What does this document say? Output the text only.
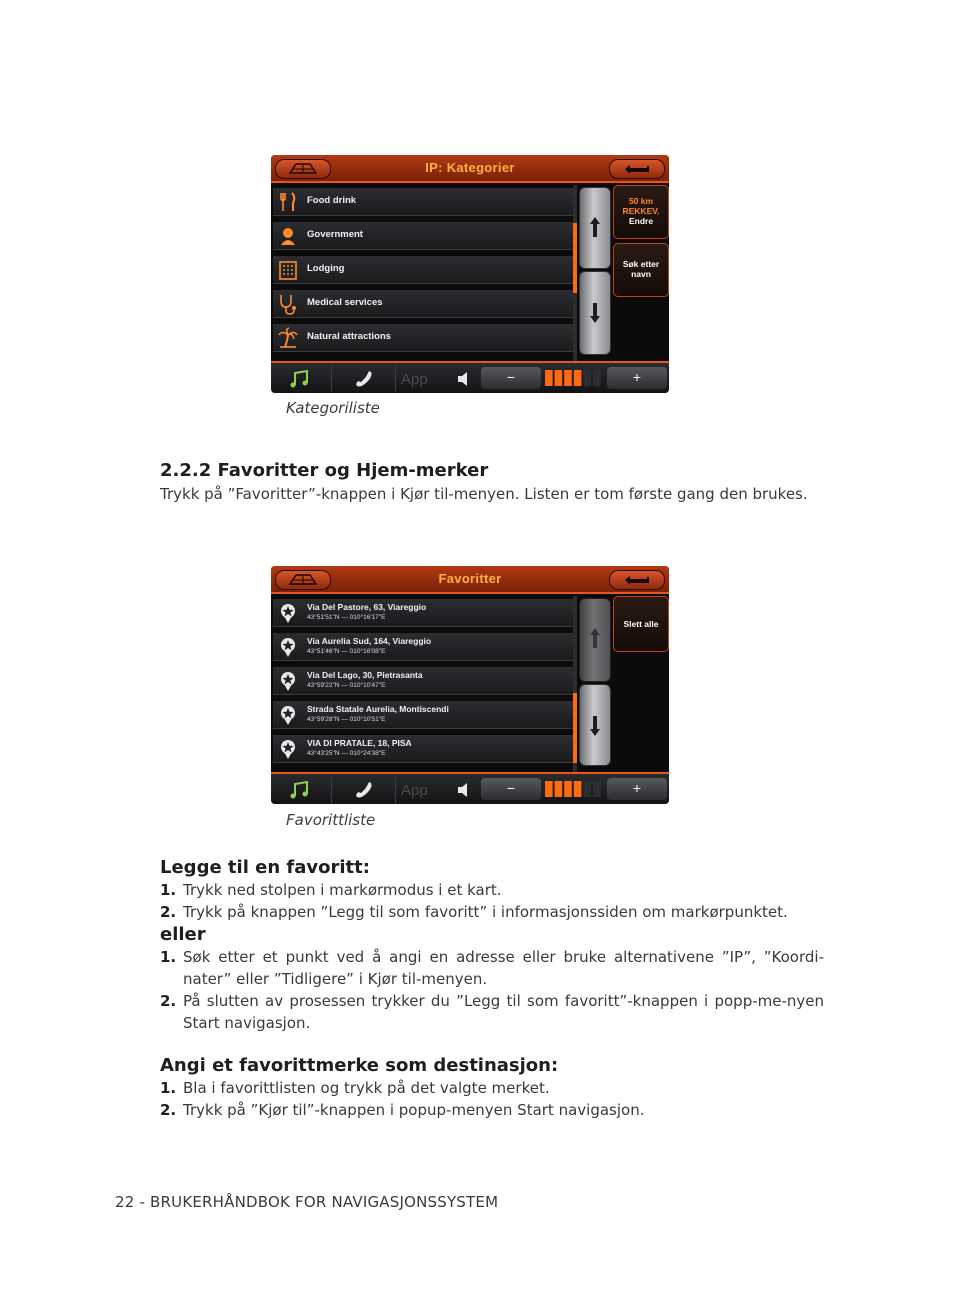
IP: Kategorier
Food drink
Government
Lodging
Medical services
Natural attractions
50 km
REKKEV.
Endre
Søk etter
navn
App	−	+
Kategoriliste
2.2.2 Favoritter og Hjem-merker
Trykk på ”Favoritter”-knappen i Kjør til-menyen. Listen er tom første gang den brukes.
Favoritter
Via Del Pastore, 63, Viareggio
43°51'51"N — 010°16'17"E
Via Aurelia Sud, 164, Viareggio
43°51'46"N — 010°16'08"E
Via Del Lago, 30, Pietrasanta
43°59'22"N — 010°10'47"E
Strada Statale Aurelia, Montiscendi
43°59'28"N — 010°10'51"E
VIA DI PRATALE, 18, PISA
43°43'25"N — 010°24'38"E
Slett alle
App	−	+
Favorittliste
Legge til en favoritt:
1. Trykk ned stolpen i markørmodus i et kart.
2. Trykk på knappen ”Legg til som favoritt” i informasjonssiden om markørpunktet.
eller
1. Søk etter et punkt ved å angi en adresse eller bruke alternativene ”IP”, ”Koordi-nater” eller ”Tidligere” i Kjør til-menyen.
2. På slutten av prosessen trykker du ”Legg til som favoritt”-knappen i popp-me-nyen Start navigasjon.
Angi et favorittmerke som destinasjon:
1. Bla i favorittlisten og trykk på det valgte merket.
2. Trykk på ”Kjør til”-knappen i popup-menyen Start navigasjon.
22 - BRUKERHÅNDBOK FOR NAVIGASJONSSYSTEM
